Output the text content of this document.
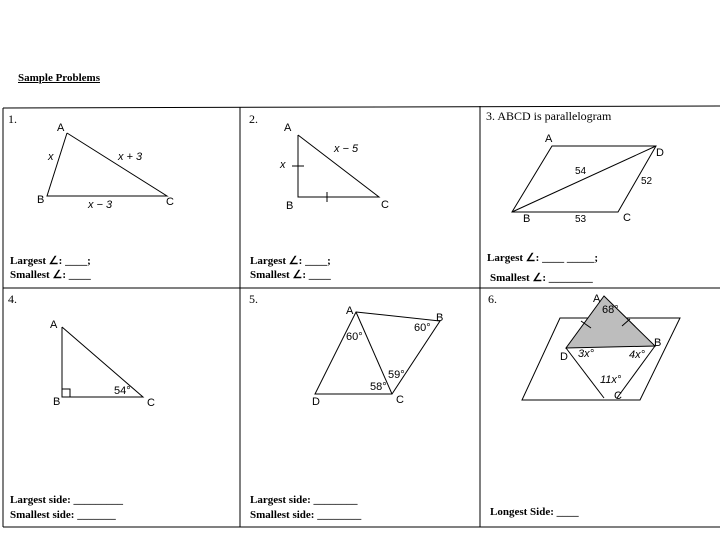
Sample Problems
A
B	C
x	x + 3
x − 3
A
B	C
x
x − 5
A
B	C
D
54
52
53
A
B	C
54°
A
B
C
D
60°
60°
59°
58°
A
B
C
D
68°
3x°	4x°
11x°
1.	2.	3. ABCD is parallelogram
4.	5.	6.
Largest ∠: ____;
Smallest ∠: ____
Largest ∠: ____;
Smallest ∠: ____
Largest ∠: ____ _____;
Smallest ∠: ________
Largest side: _________
Smallest side: _______
Largest side: ________
Smallest side: ________	Longest Side: ____
